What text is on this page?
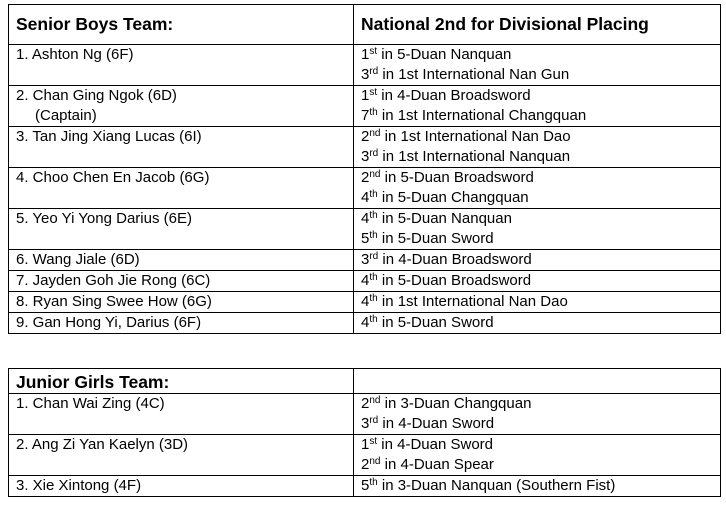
Senior Boys Team:	National 2nd for Divisional Placing

1. Ashton Ng (6F)	1st in 5-Duan Nanquan
3rd in 1st International Nan Gun

2. Chan Ging Ngok (6D)
(Captain)	1st in 4-Duan Broadsword
7th in 1st International Changquan

3. Tan Jing Xiang Lucas (6I)	2nd in 1st International Nan Dao
3rd in 1st International Nanquan

4. Choo Chen En Jacob (6G)	2nd in 5-Duan Broadsword
4th in 5-Duan Changquan

5. Yeo Yi Yong Darius (6E)	4th in 5-Duan Nanquan
5th in 5-Duan Sword

6. Wang Jiale (6D)	3rd in 4-Duan Broadsword

7. Jayden Goh Jie Rong (6C)	4th in 5-Duan Broadsword

8. Ryan Sing Swee How (6G)	4th in 1st International Nan Dao

9. Gan Hong Yi, Darius (6F)	4th in 5-Duan Sword
Junior Girls Team:	

1. Chan Wai Zing (4C)	2nd in 3-Duan Changquan
3rd in 4-Duan Sword

2. Ang Zi Yan Kaelyn (3D)	1st in 4-Duan Sword
2nd in 4-Duan Spear

3. Xie Xintong (4F)	5th in 3-Duan Nanquan (Southern Fist)
